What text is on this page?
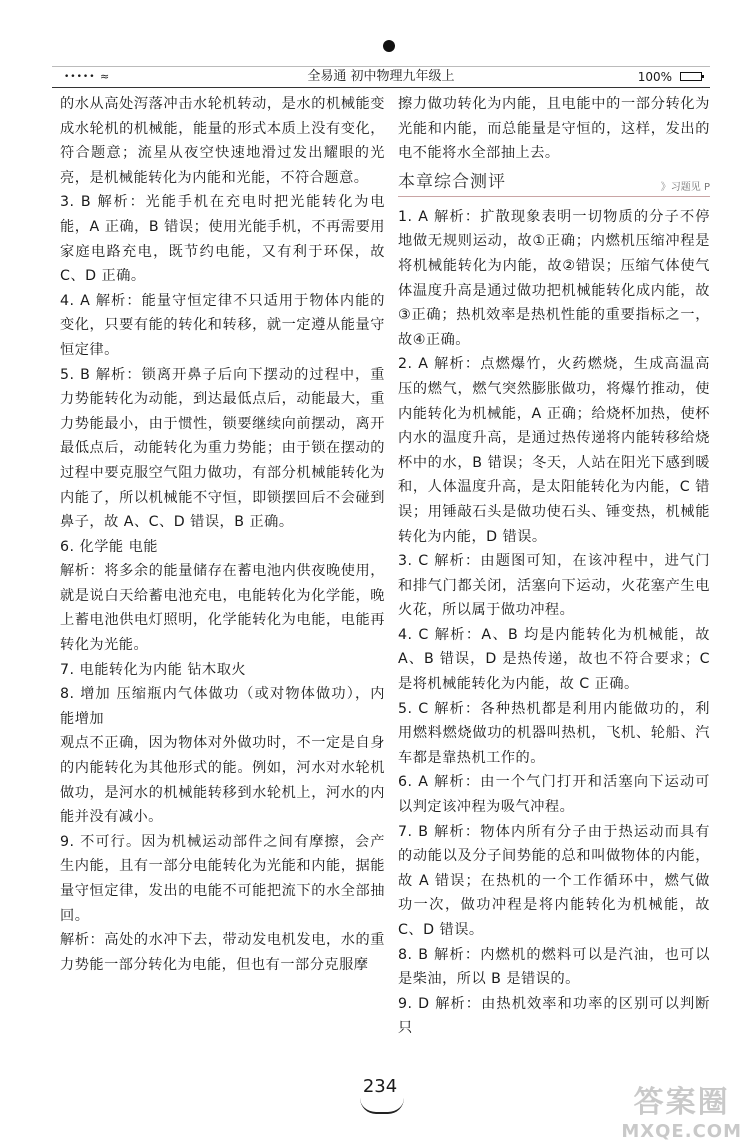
••••• ≈	全易通 初中物理九年级上	100%

的水从高处泻落冲击水轮机转动，是水的机械能变成水轮机的机械能，能量的形式本质上没有变化，符合题意；流星从夜空快速地滑过发出耀眼的光亮，是机械能转化为内能和光能，不符合题意。

3. B 解析：光能手机在充电时把光能转化为电能，A 正确，B 错误；使用光能手机，不再需要用家庭电路充电，既节约电能，又有利于环保，故 C、D 正确。

4. A 解析：能量守恒定律不只适用于物体内能的变化，只要有能的转化和转移，就一定遵从能量守恒定律。

5. B 解析：锁离开鼻子后向下摆动的过程中，重力势能转化为动能，到达最低点后，动能最大，重力势能最小，由于惯性，锁要继续向前摆动，离开最低点后，动能转化为重力势能；由于锁在摆动的过程中要克服空气阻力做功，有部分机械能转化为内能了，所以机械能不守恒，即锁摆回后不会碰到鼻子，故 A、C、D 错误，B 正确。

6. 化学能 电能

解析：将多余的能量储存在蓄电池内供夜晚使用，就是说白天给蓄电池充电，电能转化为化学能，晚上蓄电池供电灯照明，化学能转化为电能，电能再转化为光能。

7. 电能转化为内能 钻木取火

8. 增加 压缩瓶内气体做功（或对物体做功），内能增加

观点不正确，因为物体对外做功时，不一定是自身的内能转化为其他形式的能。例如，河水对水轮机做功，是河水的机械能转移到水轮机上，河水的内能并没有减小。

9. 不可行。因为机械运动部件之间有摩擦，会产生内能，且有一部分电能转化为光能和内能，据能量守恒定律，发出的电能不可能把流下的水全部抽回。

解析：高处的水冲下去，带动发电机发电，水的重力势能一部分转化为电能，但也有一部分克服摩

擦力做功转化为内能，且电能中的一部分转化为光能和内能，而总能量是守恒的，这样，发出的电不能将水全部抽上去。

本章综合测评	》习题见 P

1. A 解析：扩散现象表明一切物质的分子不停地做无规则运动，故①正确；内燃机压缩冲程是将机械能转化为内能，故②错误；压缩气体使气体温度升高是通过做功把机械能转化成内能，故③正确；热机效率是热机性能的重要指标之一，故④正确。

2. A 解析：点燃爆竹，火药燃烧，生成高温高压的燃气，燃气突然膨胀做功，将爆竹推动，使内能转化为机械能，A 正确；给烧杯加热，使杯内水的温度升高，是通过热传递将内能转移给烧杯中的水，B 错误；冬天，人站在阳光下感到暖和，人体温度升高，是太阳能转化为内能，C 错误；用锤敲石头是做功使石头、锤变热，机械能转化为内能，D 错误。

3. C 解析：由题图可知，在该冲程中，进气门和排气门都关闭，活塞向下运动，火花塞产生电火花，所以属于做功冲程。

4. C 解析：A、B 均是内能转化为机械能，故 A、B 错误，D 是热传递，故也不符合要求；C 是将机械能转化为内能，故 C 正确。

5. C 解析：各种热机都是利用内能做功的，利用燃料燃烧做功的机器叫热机，飞机、轮船、汽车都是靠热机工作的。

6. A 解析：由一个气门打开和活塞向下运动可以判定该冲程为吸气冲程。

7. B 解析：物体内所有分子由于热运动而具有的动能以及分子间势能的总和叫做物体的内能，故 A 错误；在热机的一个工作循环中，燃气做功一次，做功冲程是将内能转化为机械能，故 C、D 错误。

8. B 解析：内燃机的燃料可以是汽油，也可以是柴油，所以 B 是错误的。

9. D 解析：由热机效率和功率的区别可以判断只

234	答案圈
MXQE.COM
